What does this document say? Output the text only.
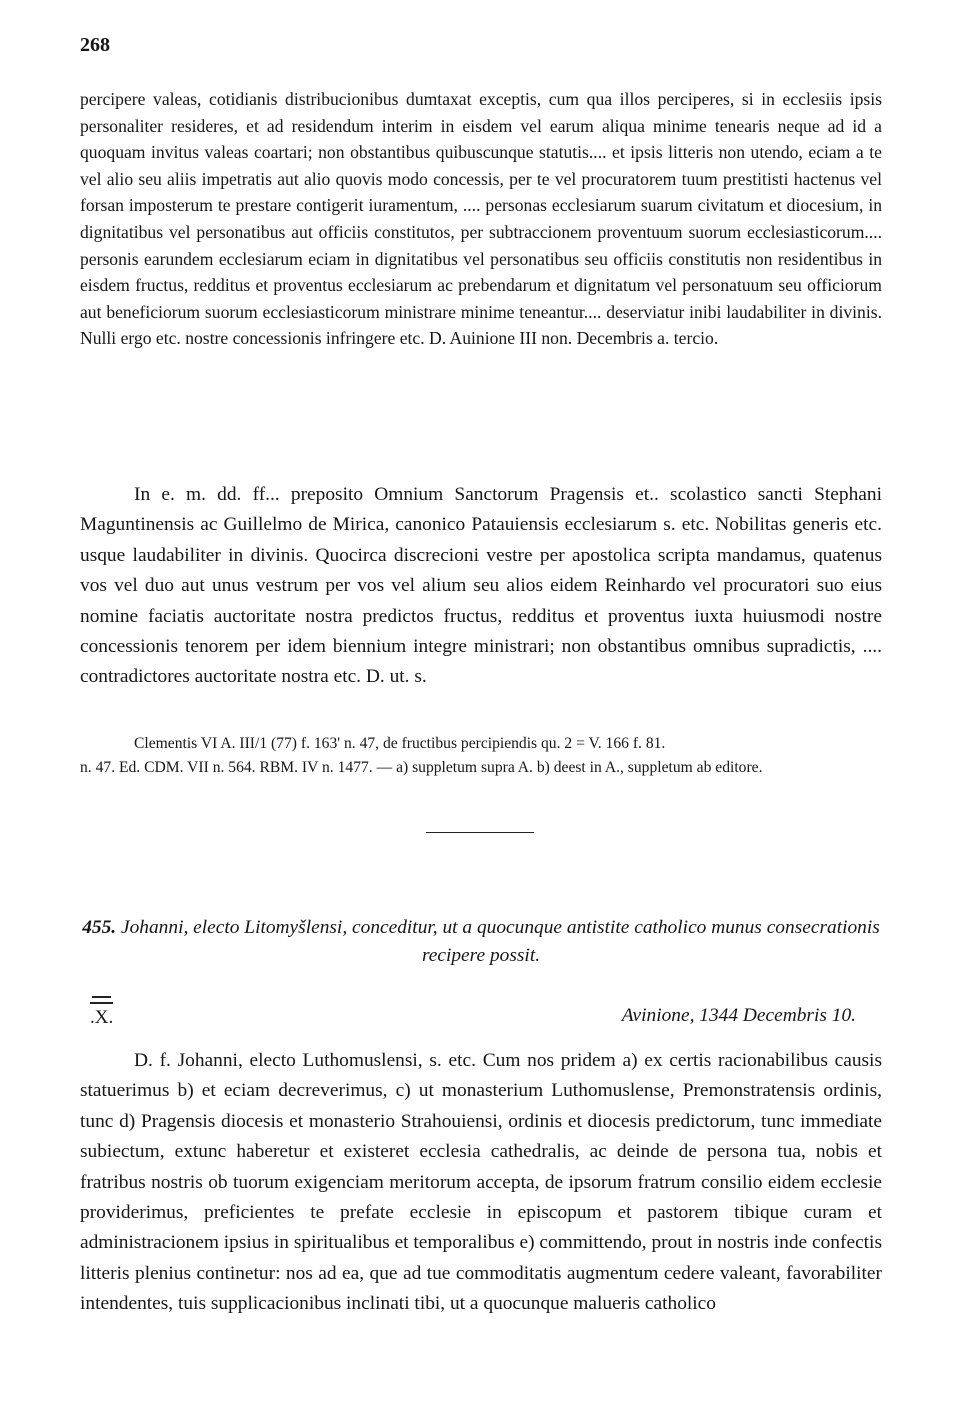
268

percipere valeas, cotidianis distribucionibus dumtaxat exceptis, cum qua illos perciperes, si in ecclesiis ipsis personaliter resideres, et ad residendum interim in eisdem vel earum aliqua minime tenearis neque ad id a quoquam invitus valeas coartari; non obstantibus quibuscunque statutis.... et ipsis litteris non utendo, eciam a te vel alio seu aliis impetratis aut alio quovis modo concessis, per te vel procuratorem tuum prestitisti hactenus vel forsan imposterum te prestare contigerit iuramentum, .... personas ecclesiarum suarum civitatum et diocesium, in dignitatibus vel personatibus aut officiis constitutos, per subtraccionem proventuum suorum ecclesiasticorum.... personis earundem ecclesiarum eciam in dignitatibus vel personatibus seu officiis constitutis non residentibus in eisdem fructus, redditus et proventus ecclesiarum ac prebendarum et dignitatum vel personatuum seu officiorum aut beneficiorum suorum ecclesiasticorum ministrare minime teneantur.... deserviatur inibi laudabiliter in divinis. Nulli ergo etc. nostre concessionis infringere etc. D. Auinione III non. Decembris a. tercio.

In e. m. dd. ff... preposito Omnium Sanctorum Pragensis et.. scolastico sancti Stephani Maguntinensis ac Guillelmo de Mirica, canonico Patauiensis ecclesiarum s. etc. Nobilitas generis etc. usque laudabiliter in divinis. Quocirca discrecioni vestre per apostolica scripta mandamus, quatenus vos vel duo aut unus vestrum per vos vel alium seu alios eidem Reinhardo vel procuratori suo eius nomine faciatis auctoritate nostra predictos fructus, redditus et proventus iuxta huiusmodi nostre concessionis tenorem per idem biennium integre ministrari; non obstantibus omnibus supradictis, .... contradictores auctoritate nostra etc. D. ut. s.

Clementis VI A. III/1 (77) f. 163' n. 47, de fructibus percipiendis qu. 2 = V. 166 f. 81.
n. 47. Ed. CDM. VII n. 564. RBM. IV n. 1477. — a) suppletum supra A. b) deest in A., suppletum ab editore.

455. Johanni, electo Litomyšlensi, conceditur, ut a quocunque antistite catholico munus consecrationis recipere possit.

.X.	Avinione, 1344 Decembris 10.

D. f. Johanni, electo Luthomuslensi, s. etc. Cum nos pridem a) ex certis racionabilibus causis statuerimus b) et eciam decreverimus, c) ut monasterium Luthomuslense, Premonstratensis ordinis, tunc d) Pragensis diocesis et monasterio Strahouiensi, ordinis et diocesis predictorum, tunc immediate subiectum, extunc haberetur et existeret ecclesia cathedralis, ac deinde de persona tua, nobis et fratribus nostris ob tuorum exigenciam meritorum accepta, de ipsorum fratrum consilio eidem ecclesie providerimus, preficientes te prefate ecclesie in episcopum et pastorem tibique curam et administracionem ipsius in spiritualibus et temporalibus e) committendo, prout in nostris inde confectis litteris plenius continetur: nos ad ea, que ad tue commoditatis augmentum cedere valeant, favorabiliter intendentes, tuis supplicacionibus inclinati tibi, ut a quocunque malueris catholico
